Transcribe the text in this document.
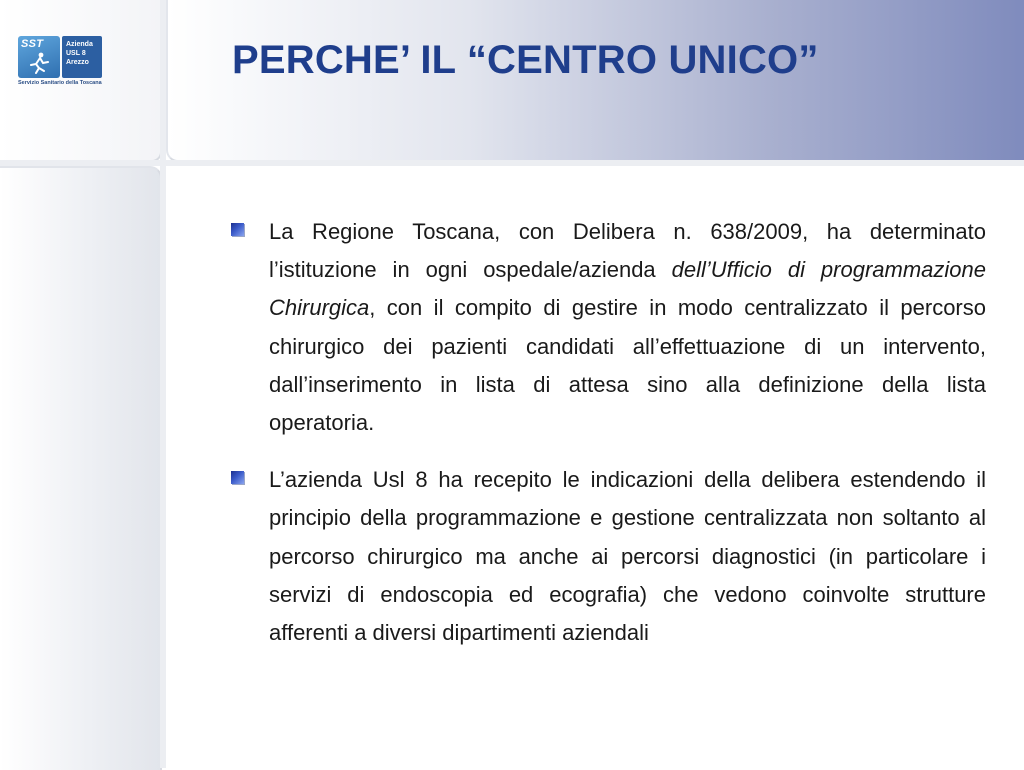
SST	Azienda
USL 8
Arezzo
Servizio Sanitario della Toscana
PERCHE’ IL “CENTRO UNICO”

La Regione Toscana, con Delibera n. 638/2009, ha determinato l’istituzione in ogni ospedale/azienda dell’Ufficio di programmazione Chirurgica, con il compito di gestire in modo centralizzato il percorso chirurgico dei pazienti candidati all’effettuazione di un intervento, dall’inserimento in lista di attesa sino alla definizione della lista operatoria.

L’azienda Usl 8 ha recepito le indicazioni della delibera estendendo il principio della programmazione e gestione centralizzata non soltanto al percorso chirurgico ma anche ai percorsi diagnostici (in particolare i servizi di endoscopia ed ecografia) che vedono coinvolte strutture afferenti a diversi dipartimenti aziendali
